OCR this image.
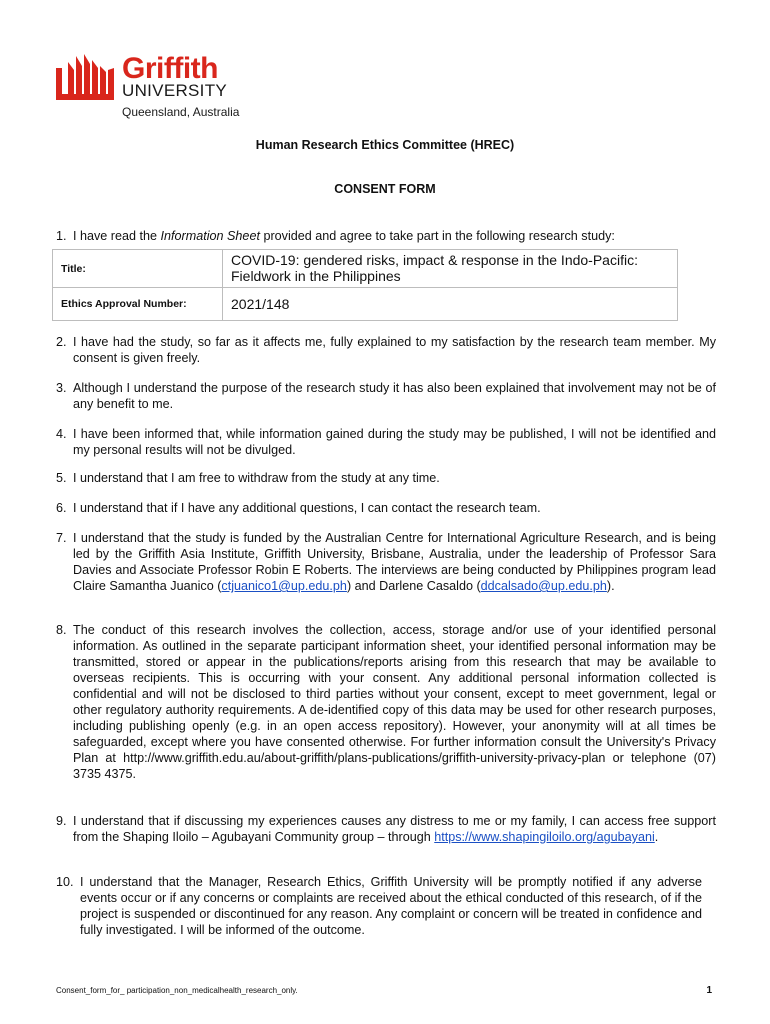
Griffith
UNIVERSITY
Queensland, Australia
Human Research Ethics Committee (HREC)
CONSENT FORM
1. I have read the Information Sheet provided and agree to take part in the following research study:
Title:	COVID-19: gendered risks, impact & response in the Indo-Pacific: Fieldwork in the Philippines
Ethics Approval Number:	2021/148
2. I have had the study, so far as it affects me, fully explained to my satisfaction by the research team member. My consent is given freely.
3. Although I understand the purpose of the research study it has also been explained that involvement may not be of any benefit to me.
4. I have been informed that, while information gained during the study may be published, I will not be identified and my personal results will not be divulged.
5. I understand that I am free to withdraw from the study at any time.
6. I understand that if I have any additional questions, I can contact the research team.
7. I understand that the study is funded by the Australian Centre for International Agriculture Research, and is being led by the Griffith Asia Institute, Griffith University, Brisbane, Australia, under the leadership of Professor Sara Davies and Associate Professor Robin E Roberts. The interviews are being conducted by Philippines program lead Claire Samantha Juanico (ctjuanico1@up.edu.ph) and Darlene Casaldo (ddcalsado@up.edu.ph).
8. The conduct of this research involves the collection, access, storage and/or use of your identified personal information. As outlined in the separate participant information sheet, your identified personal information may be transmitted, stored or appear in the publications/reports arising from this research that may be available to overseas recipients. This is occurring with your consent. Any additional personal information collected is confidential and will not be disclosed to third parties without your consent, except to meet government, legal or other regulatory authority requirements. A de-identified copy of this data may be used for other research purposes, including publishing openly (e.g. in an open access repository). However, your anonymity will at all times be safeguarded, except where you have consented otherwise. For further information consult the University's Privacy Plan at http://www.griffith.edu.au/about-griffith/plans-publications/griffith-university-privacy-plan or telephone (07) 3735 4375.
9. I understand that if discussing my experiences causes any distress to me or my family, I can access free support from the Shaping Iloilo – Agubayani Community group – through https://www.shapingiloilo.org/agubayani.
10. I understand that the Manager, Research Ethics, Griffith University will be promptly notified if any adverse events occur or if any concerns or complaints are received about the ethical conducted of this research, of if the project is suspended or discontinued for any reason. Any complaint or concern will be treated in confidence and fully investigated. I will be informed of the outcome.
Consent_form_for_ participation_non_medicalhealth_research_only.	1
